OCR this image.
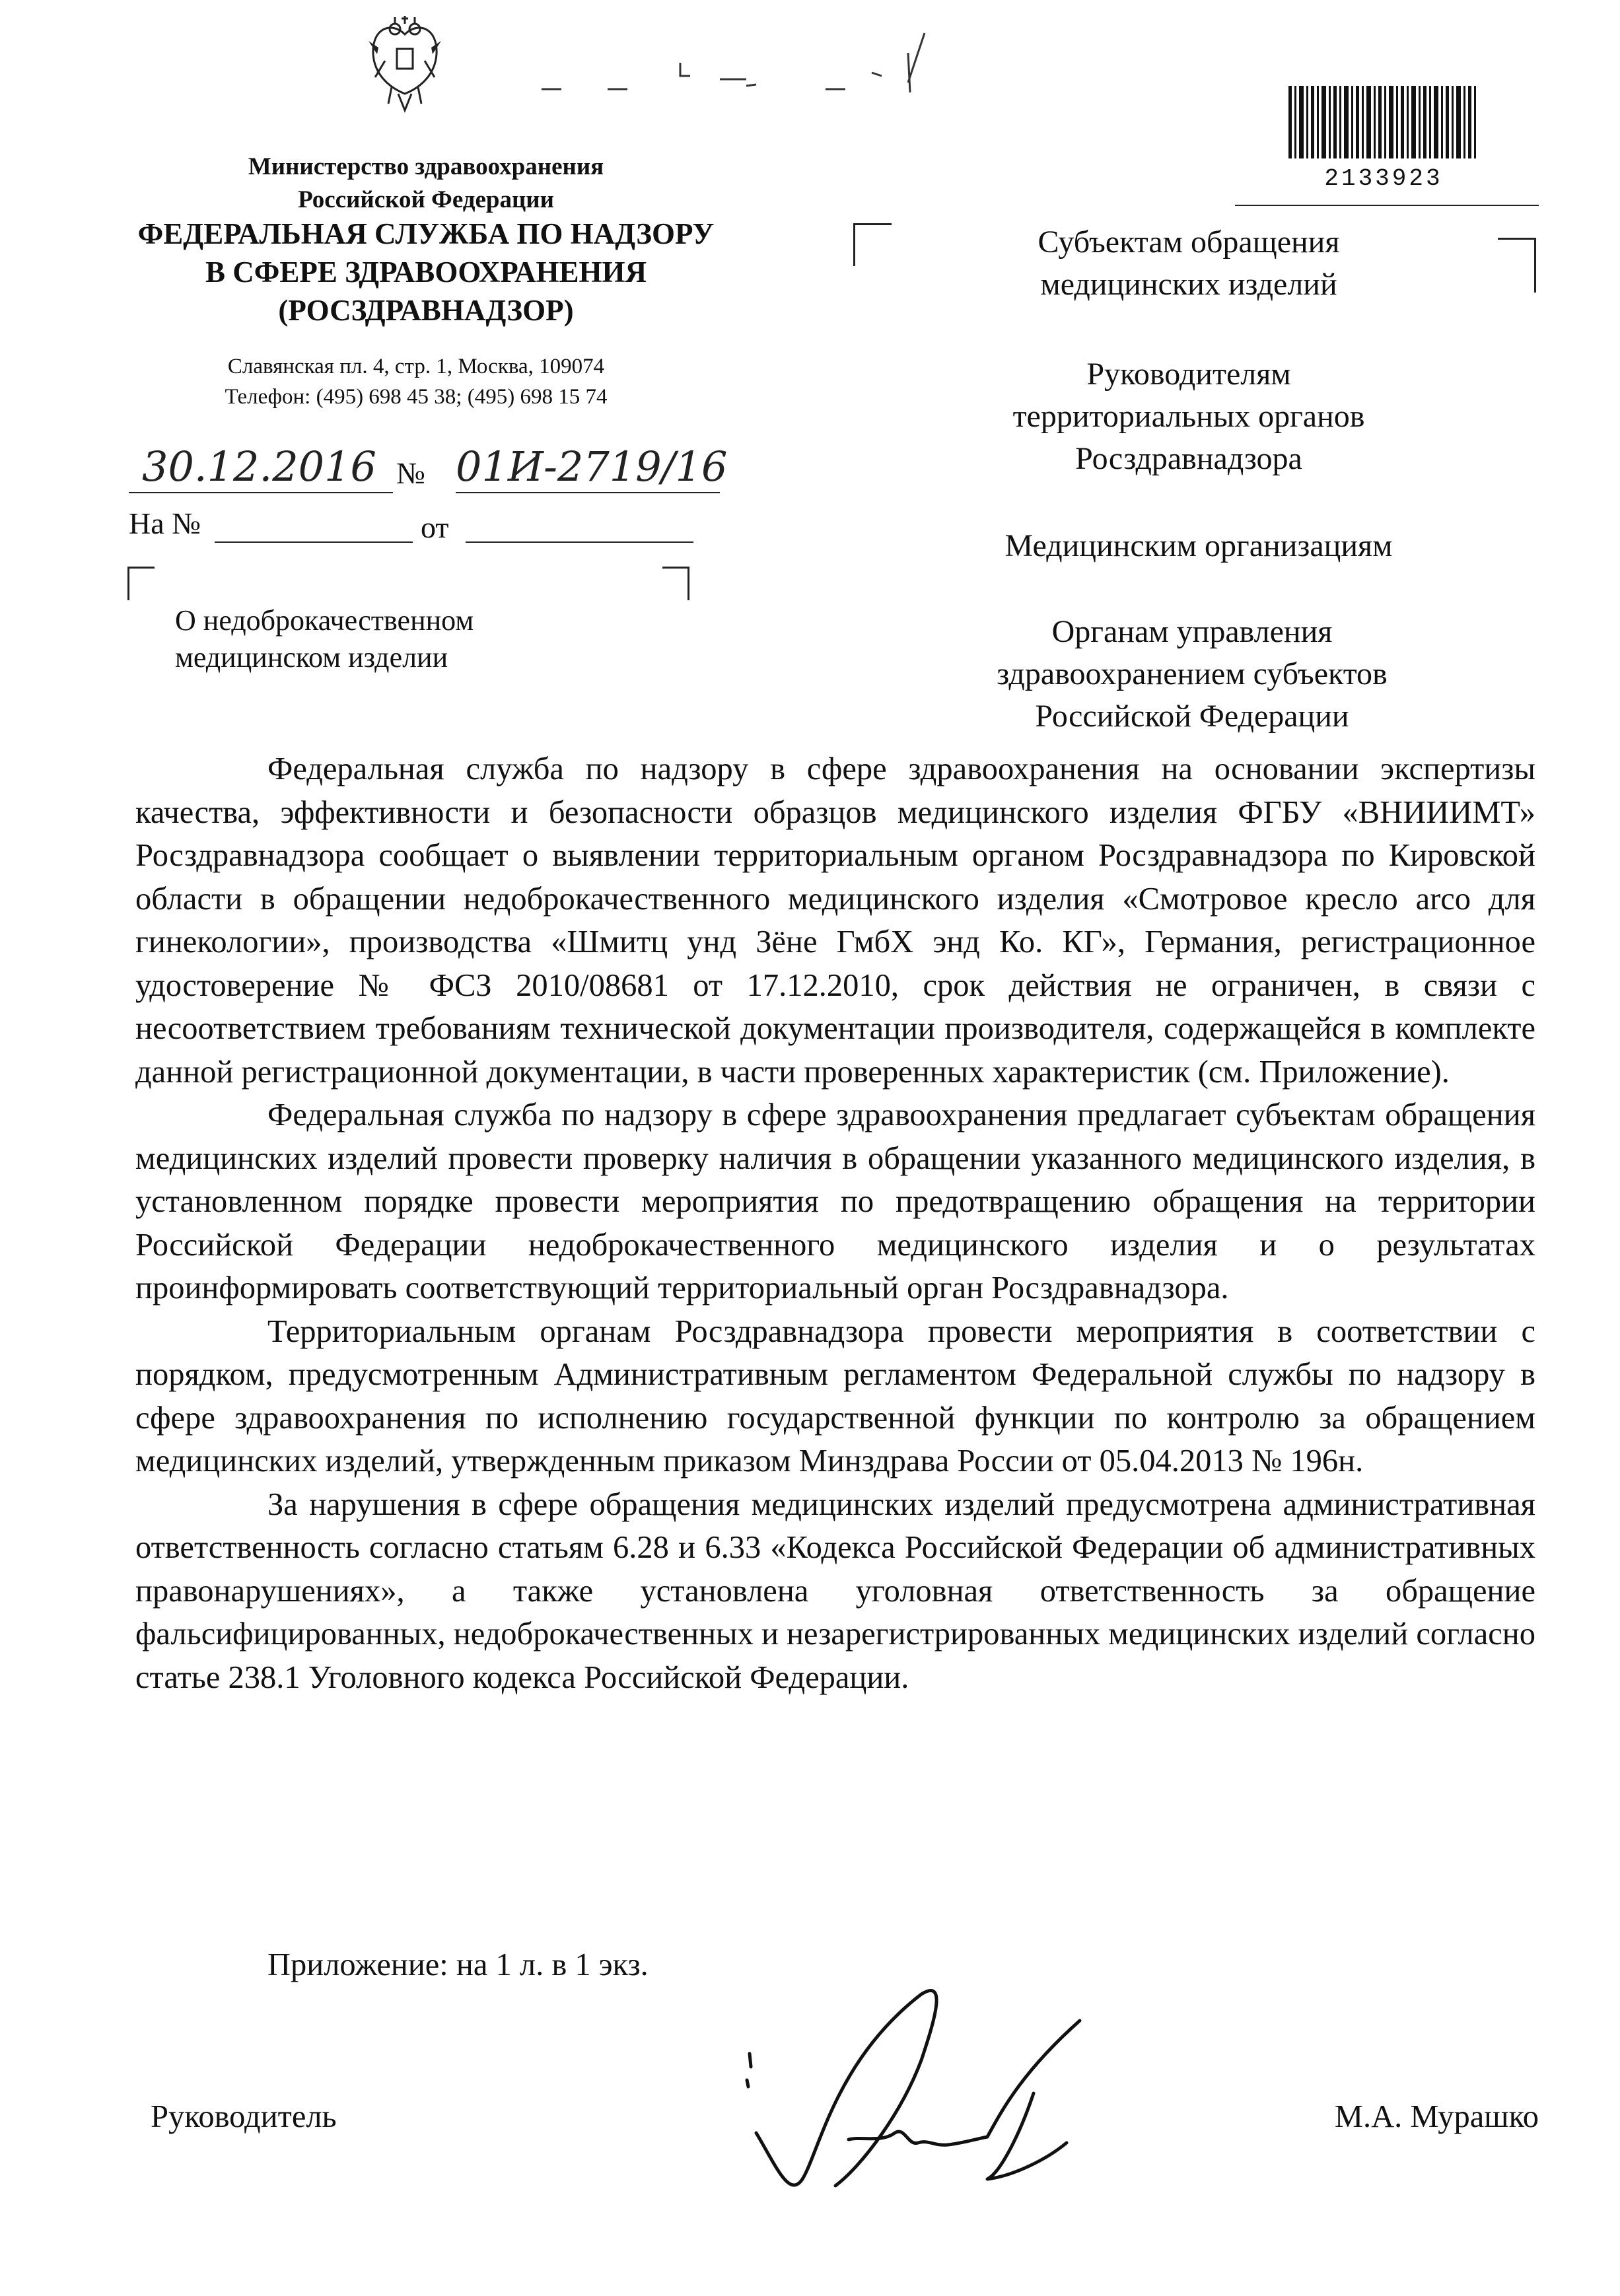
Министерство здравоохранения
Российской Федерации
ФЕДЕРАЛЬНАЯ СЛУЖБА ПО НАДЗОРУ
В СФЕРЕ ЗДРАВООХРАНЕНИЯ
(РОСЗДРАВНАДЗОР)
Славянская пл. 4, стр. 1, Москва, 109074
Телефон: (495) 698 45 38; (495) 698 15 74
2133923
30.12.2016 № 01И-2719/16
На №	от
О недоброкачественном
медицинском изделии
Субъектам обращения
медицинских изделий
Руководителям
территориальных органов
Росздравнадзора
Медицинским организациям
Органам управления
здравоохранением субъектов
Российской Федерации

Федеральная служба по надзору в сфере здравоохранения на основании экспертизы качества, эффективности и безопасности образцов медицинского изделия ФГБУ «ВНИИИМТ» Росздравнадзора сообщает о выявлении территориальным органом Росздравнадзора по Кировской области в обращении недоброкачественного медицинского изделия «Смотровое кресло arco для гинекологии», производства «Шмитц унд Зёне ГмбХ энд Ко. КГ», Германия, регистрационное удостоверение № ФСЗ 2010/08681 от 17.12.2010, срок действия не ограничен, в связи с несоответствием требованиям технической документации производителя, содержащейся в комплекте данной регистрационной документации, в части проверенных характеристик (см. Приложение).

Федеральная служба по надзору в сфере здравоохранения предлагает субъектам обращения медицинских изделий провести проверку наличия в обращении указанного медицинского изделия, в установленном порядке провести мероприятия по предотвращению обращения на территории Российской Федерации недоброкачественного медицинского изделия и о результатах проинформировать соответствующий территориальный орган Росздравнадзора.

Территориальным органам Росздравнадзора провести мероприятия в соответствии с порядком, предусмотренным Административным регламентом Федеральной службы по надзору в сфере здравоохранения по исполнению государственной функции по контролю за обращением медицинских изделий, утвержденным приказом Минздрава России от 05.04.2013 № 196н.

За нарушения в сфере обращения медицинских изделий предусмотрена административная ответственность согласно статьям 6.28 и 6.33 «Кодекса Российской Федерации об административных правонарушениях», а также установлена уголовная ответственность за обращение фальсифицированных, недоброкачественных и незарегистрированных медицинских изделий согласно статье 238.1 Уголовного кодекса Российской Федерации.

Приложение: на 1 л. в 1 экз.
Руководитель	М.А. Мурашко
